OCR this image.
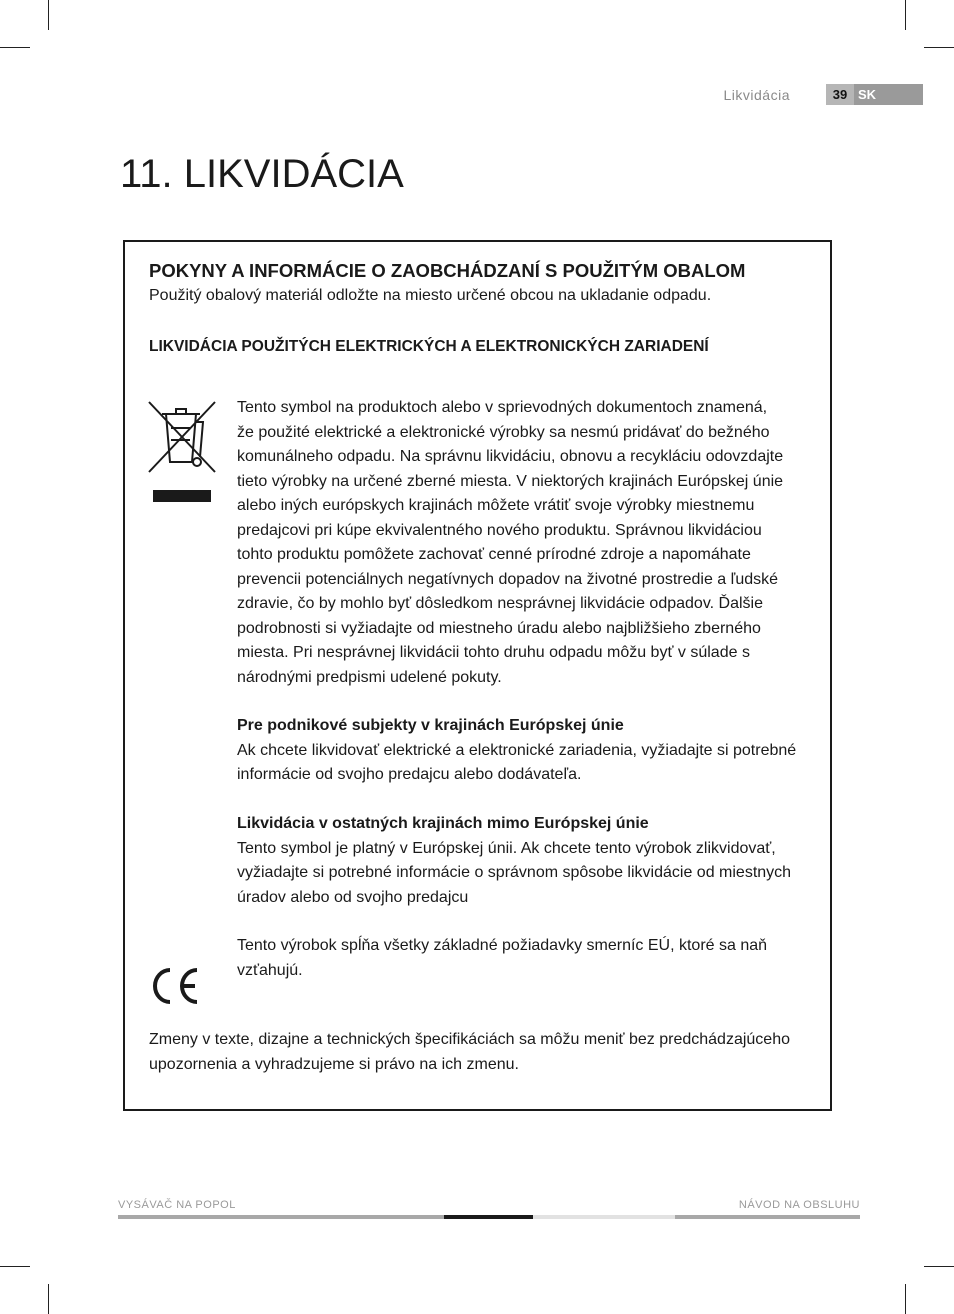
Likvidácia	39 SK
11. LIKVIDÁCIA
POKYNY A INFORMÁCIE O ZAOBCHÁDZANÍ S POUŽITÝM OBALOM
Použitý obalový materiál odložte na miesto určené obcou na ukladanie odpadu.
LIKVIDÁCIA POUŽITÝCH ELEKTRICKÝCH A ELEKTRONICKÝCH ZARIADENÍ
Tento symbol na produktoch alebo v sprievodných dokumentoch znamená,
že použité elektrické a elektronické výrobky sa nesmú pridávať do bežného
komunálneho odpadu. Na správnu likvidáciu, obnovu a recykláciu odovzdajte
tieto výrobky na určené zberné miesta. V niektorých krajinách Európskej únie
alebo iných európskych krajinách môžete vrátiť svoje výrobky miestnemu
predajcovi pri kúpe ekvivalentného nového produktu. Správnou likvidáciou
tohto produktu pomôžete zachovať cenné prírodné zdroje a napomáhate
prevencii potenciálnych negatívnych dopadov na životné prostredie a ľudské
zdravie, čo by mohlo byť dôsledkom nesprávnej likvidácie odpadov. Ďalšie
podrobnosti si vyžiadajte od miestneho úradu alebo najbližšieho zberného
miesta. Pri nesprávnej likvidácii tohto druhu odpadu môžu byť v súlade s
národnými predpismi udelené pokuty.
Pre podnikové subjekty v krajinách Európskej únie
Ak chcete likvidovať elektrické a elektronické zariadenia, vyžiadajte si potrebné
informácie od svojho predajcu alebo dodávateľa.
Likvidácia v ostatných krajinách mimo Európskej únie
Tento symbol je platný v Európskej únii. Ak chcete tento výrobok zlikvidovať,
vyžiadajte si potrebné informácie o správnom spôsobe likvidácie od miestnych
úradov alebo od svojho predajcu
Tento výrobok spĺňa všetky základné požiadavky smerníc EÚ, ktoré sa naň
vzťahujú.
Zmeny v texte, dizajne a technických špecifikáciách sa môžu meniť bez predchádzajúceho
upozornenia a vyhradzujeme si právo na ich zmenu.
VYSÁVAČ NA POPOL	NÁVOD NA OBSLUHU
